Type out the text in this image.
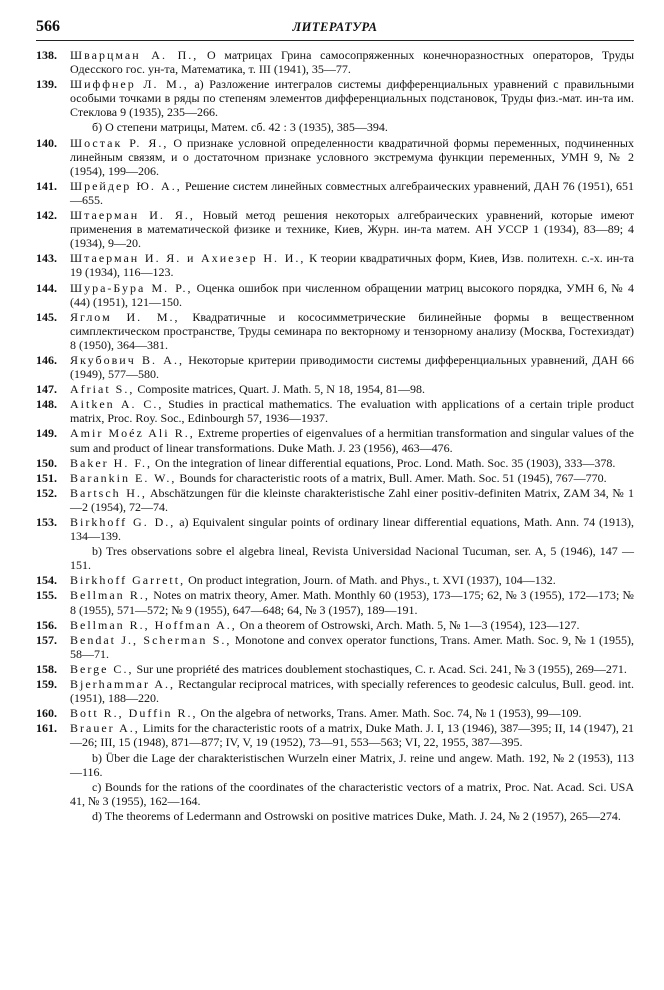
566	ЛИТЕРАТУРА
138. Шварцман А. П., О матрицах Грина самосопряженных конечноразностных операторов, Труды Одесского гос. ун-та, Математика, т. III (1941), 35—77.
139. Шиффнер Л. М., a) Разложение интегралов системы дифференциальных уравнений с правильными особыми точками в ряды по степеням элементов дифференциальных подстановок, Труды физ.-мат. ин-та им. Стеклова 9 (1935), 235—266.
б) О степени матрицы, Матем. сб. 42 : 3 (1935), 385—394.
140. Шостак Р. Я., О признаке условной определенности квадратичной формы переменных, подчиненных линейным связям, и о достаточном признаке условного экстремума функции переменных, УМН 9, № 2 (1954), 199—206.
141. Шрейдер Ю. А., Решение систем линейных совместных алгебраических уравнений, ДАН 76 (1951), 651—655.
142. Штаерман И. Я., Новый метод решения некоторых алгебраических уравнений, которые имеют применения в математической физике и технике, Киев, Журн. ин-та матем. АН УССР 1 (1934), 83—89; 4 (1934), 9—20.
143. Штаерман И. Я. и Ахиезер Н. И., К теории квадратичных форм, Киев, Изв. политехн. с.-х. ин-та 19 (1934), 116—123.
144. Шура-Бура М. Р., Оценка ошибок при численном обращении матриц высокого порядка, УМН 6, № 4 (44) (1951), 121—150.
145. Яглом И. М., Квадратичные и кососимметрические билинейные формы в вещественном симплектическом пространстве, Труды семинара по векторному и тензорному анализу (Москва, Гостехиздат) 8 (1950), 364—381.
146. Якубович В. А., Некоторые критерии приводимости системы дифференциальных уравнений, ДАН 66 (1949), 577—580.
147. Afriat S., Composite matrices, Quart. J. Math. 5, N 18, 1954, 81—98.
148. Aitken A. C., Studies in practical mathematics. The evaluation with applications of a certain triple product matrix, Proc. Roy. Soc., Edinbourgh 57, 1936—1937.
149. Amir Moéz Ali R., Extreme properties of eigenvalues of a hermitian transformation and singular values of the sum and product of linear transformations. Duke Math. J. 23 (1956), 463—476.
150. Baker H. F., On the integration of linear differential equations, Proc. Lond. Math. Soc. 35 (1903), 333—378.
151. Barankin E. W., Bounds for characteristic roots of a matrix, Bull. Amer. Math. Soc. 51 (1945), 767—770.
152. Bartsch H., Abschätzungen für die kleinste charakteristische Zahl einer positiv-definiten Matrix, ZAM 34, № 1—2 (1954), 72—74.
153. Birkhoff G. D., a) Equivalent singular points of ordinary linear differential equations, Math. Ann. 74 (1913), 134—139.
b) Tres observations sobre el algebra lineal, Revista Universidad Nacional Tucuman, ser. A, 5 (1946), 147 — 151.
154. Birkhoff Garrett, On product integration, Journ. of Math. and Phys., t. XVI (1937), 104—132.
155. Bellman R., Notes on matrix theory, Amer. Math. Monthly 60 (1953), 173—175; 62, № 3 (1955), 172—173; № 8 (1955), 571—572; № 9 (1955), 647—648; 64, № 3 (1957), 189—191.
156. Bellman R., Hoffman A., On a theorem of Ostrowski, Arch. Math. 5, № 1—3 (1954), 123—127.
157. Bendat J., Scherman S., Monotone and convex operator functions, Trans. Amer. Math. Soc. 9, № 1 (1955), 58—71.
158. Berge C., Sur une propriété des matrices doublement stochastiques, C. r. Acad. Sci. 241, № 3 (1955), 269—271.
159. Bjerhammar A., Rectangular reciprocal matrices, with specially references to geodesic calculus, Bull. geod. int. (1951), 188—220.
160. Bott R., Duffin R., On the algebra of networks, Trans. Amer. Math. Soc. 74, № 1 (1953), 99—109.
161. Brauer A., Limits for the characteristic roots of a matrix, Duke Math. J. I, 13 (1946), 387—395; II, 14 (1947), 21—26; III, 15 (1948), 871—877; IV, V, 19 (1952), 73—91, 553—563; VI, 22, 1955, 387—395.
b) Über die Lage der charakteristischen Wurzeln einer Matrix, J. reine und angew. Math. 192, № 2 (1953), 113—116.
c) Bounds for the rations of the coordinates of the characteristic vectors of a matrix, Proc. Nat. Acad. Sci. USA 41, № 3 (1955), 162—164.
d) The theorems of Ledermann and Ostrowski on positive matrices Duke, Math. J. 24, № 2 (1957), 265—274.
